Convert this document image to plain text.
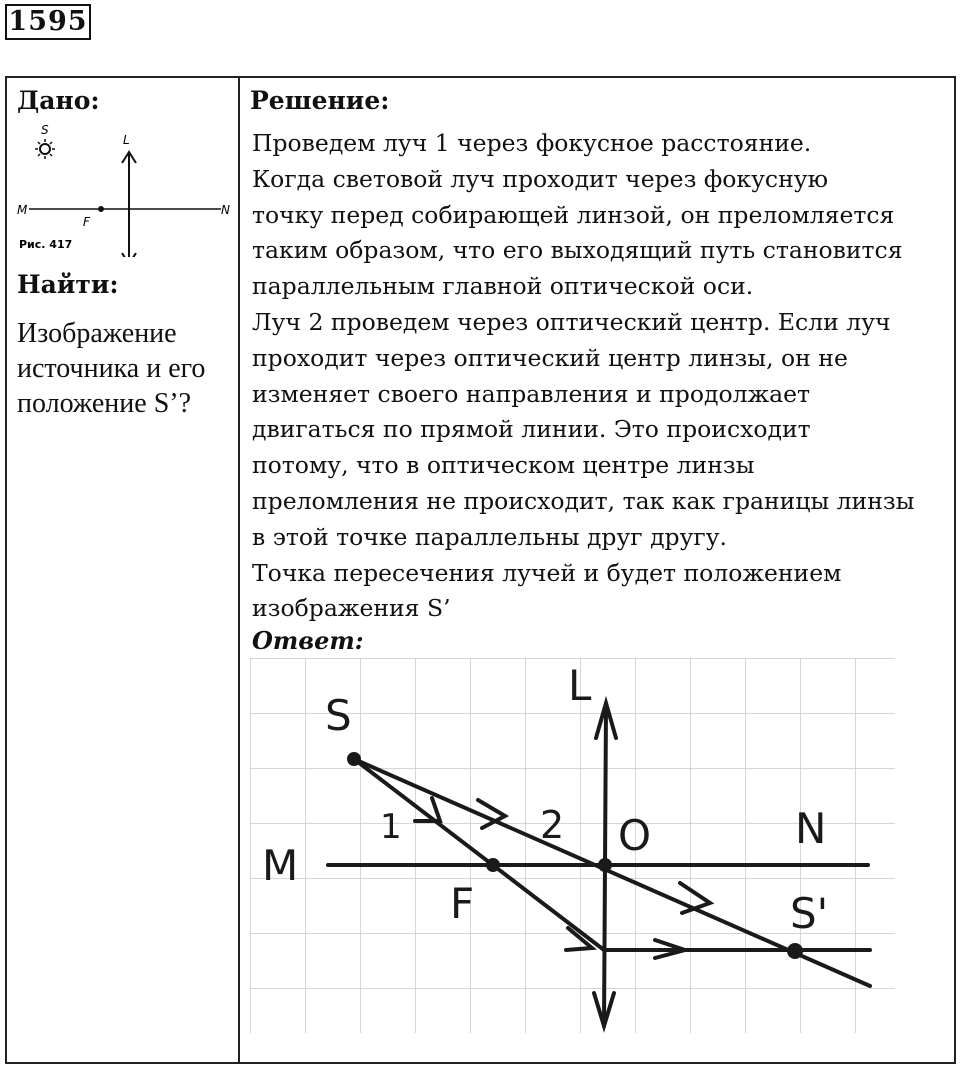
1595
Дано:
S
M	N
L
F
Рис. 417
Найти:
Изображение источника и его положение S’?
Решение:

Проведем луч 1 через фокусное расстояние.

Когда световой луч проходит через фокусную

точку перед собирающей линзой, он преломляется

таким образом, что его выходящий путь становится

параллельным главной оптической оси.

Луч 2 проведем через оптический центр. Если луч

проходит через оптический центр линзы, он не

изменяет своего направления и продолжает

двигаться по прямой линии. Это происходит

потому, что в оптическом центре линзы

преломления не происходит, так как границы линзы

в этой точке параллельны друг другу.

Точка пересечения лучей и будет положением

изображения S’

Ответ:
S
L
M
N
F
O
1	2
S'
